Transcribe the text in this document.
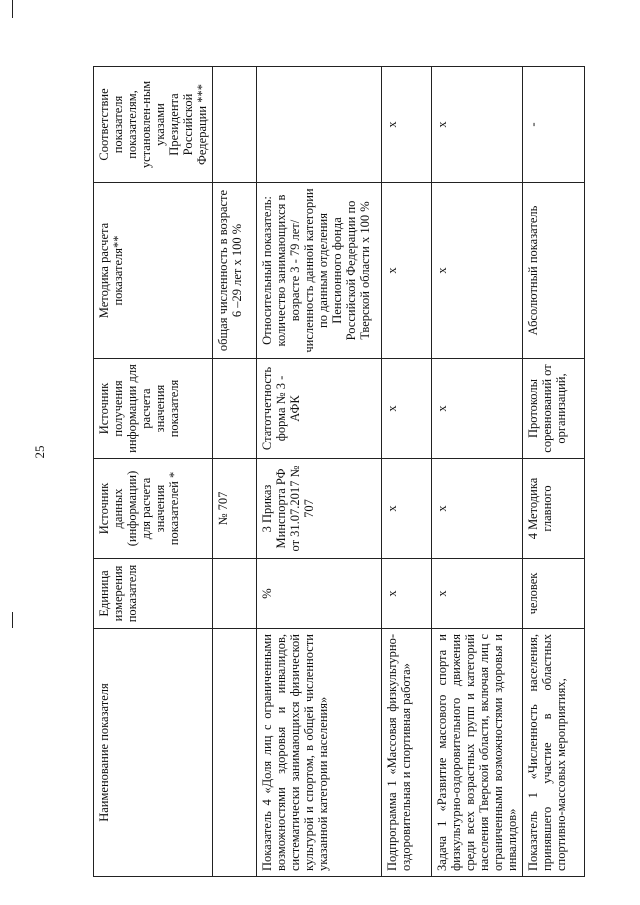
25
Наименование показателя	Единица измерения показателя	Источник данных (информации) для расчета значения показателей *	Источник получения информации для расчета значения показателя	Методика расчета показателя**	Соответствие показателя показателям, установлен-ным указами Президента Российской Федерации ***
		№ 707		общая численность в возрасте 6 –29 лет х 100 %	
Показатель 4 «Доля лиц с ограниченными возможностями здоровья и инвалидов, систематически занимающихся физической культурой и спортом, в общей численности указанной категории населения»	%	3 Приказ Минспорта РФ от 31.07.2017 № 707	Статотчетность форма № 3 - АФК	Относительный показатель: количество занимающихся в возрасте 3 - 79 лет/ численность данной категории по данным отделения Пенсионного фонда Российской Федерации по Тверской области х 100 %	
Подпрограмма 1 «Массовая физкультурно-оздоровительная и спортивная работа»	х	х	х	х	х
Задача 1 «Развитие массового спорта и физкультурно-оздоровительного движения среди всех возрастных групп и категорий населения Тверской области, включая лиц с ограниченными возможностями здоровья и инвалидов»	х	х	х	х	х
Показатель 1 «Численность населения, принявшего участие в областных спортивно-массовых мероприятиях,	человек	4 Методика главного	Протоколы соревнований от организаций,	Абсолютный показатель	-
